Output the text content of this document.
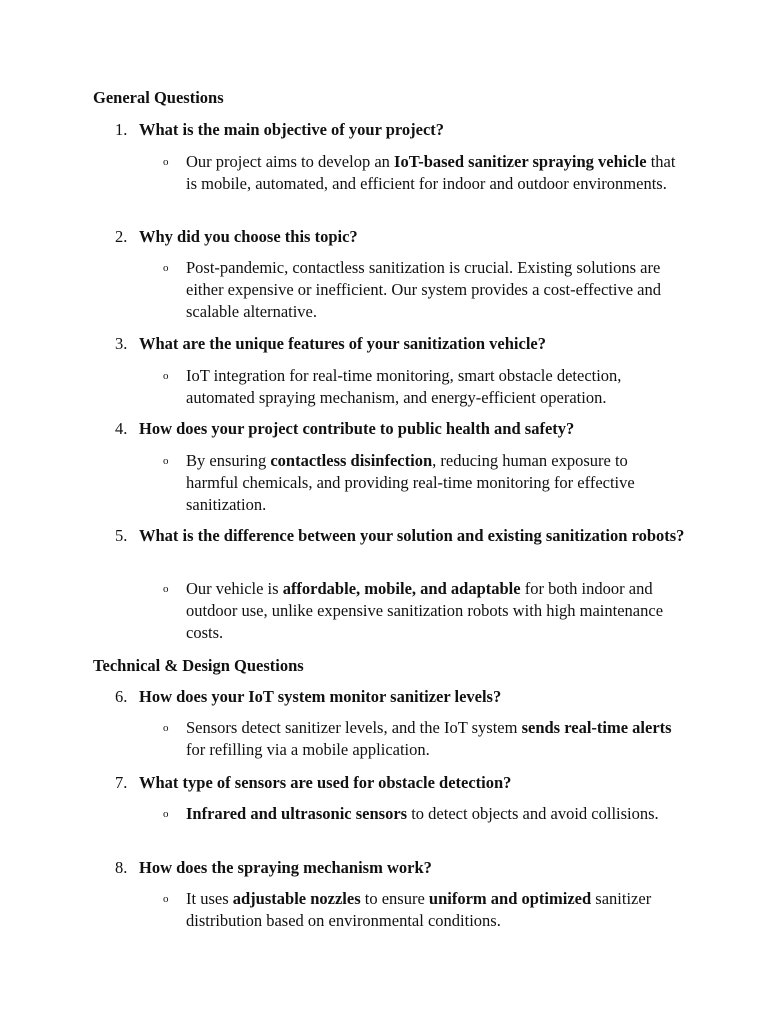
General Questions
1. What is the main objective of your project?
o Our project aims to develop an IoT-based sanitizer spraying vehicle that is mobile, automated, and efficient for indoor and outdoor environments.
2. Why did you choose this topic?
o Post-pandemic, contactless sanitization is crucial. Existing solutions are either expensive or inefficient. Our system provides a cost-effective and scalable alternative.
3. What are the unique features of your sanitization vehicle?
o IoT integration for real-time monitoring, smart obstacle detection, automated spraying mechanism, and energy-efficient operation.
4. How does your project contribute to public health and safety?
o By ensuring contactless disinfection, reducing human exposure to harmful chemicals, and providing real-time monitoring for effective sanitization.
5. What is the difference between your solution and existing sanitization robots?
o Our vehicle is affordable, mobile, and adaptable for both indoor and outdoor use, unlike expensive sanitization robots with high maintenance costs.
Technical & Design Questions
6. How does your IoT system monitor sanitizer levels?
o Sensors detect sanitizer levels, and the IoT system sends real-time alerts for refilling via a mobile application.
7. What type of sensors are used for obstacle detection?
o Infrared and ultrasonic sensors to detect objects and avoid collisions.
8. How does the spraying mechanism work?
o It uses adjustable nozzles to ensure uniform and optimized sanitizer distribution based on environmental conditions.
